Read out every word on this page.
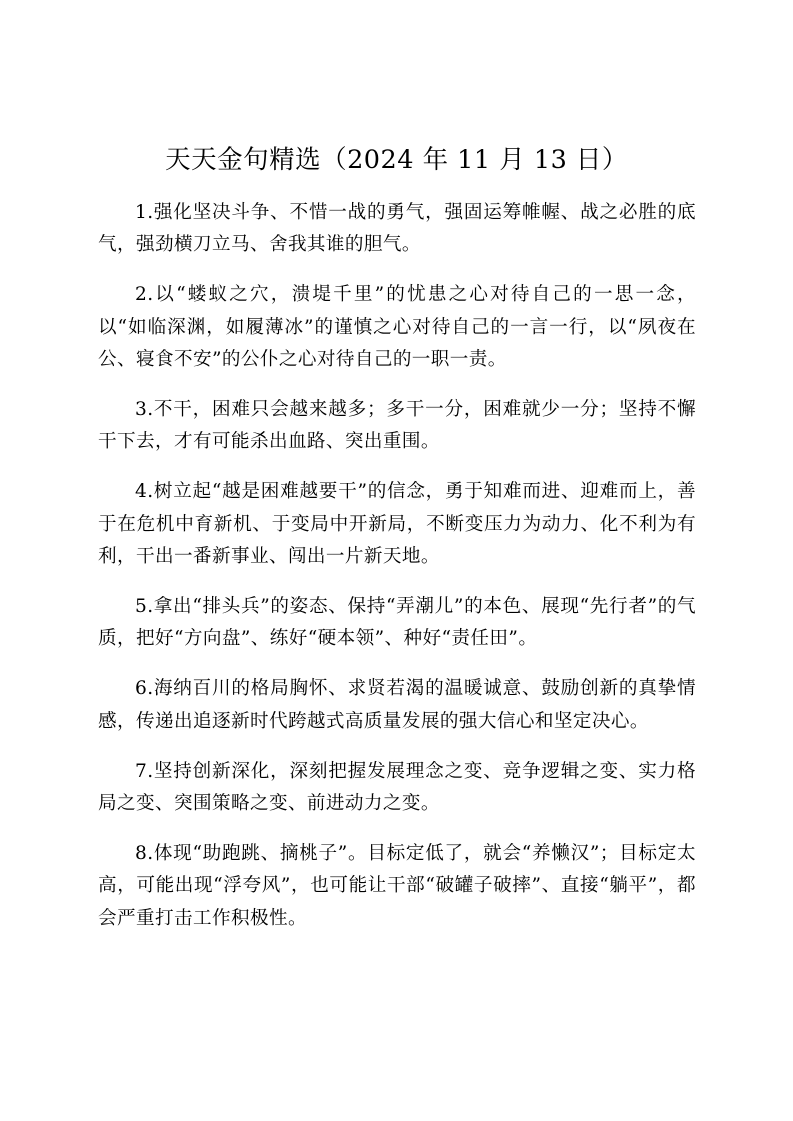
天天金句精选（2024 年 11 月 13 日）

1.强化坚决斗争、不惜一战的勇气，强固运筹帷幄、战之必胜的底气，强劲横刀立马、舍我其谁的胆气。

2.以“蝼蚁之穴，溃堤千里”的忧患之心对待自己的一思一念，以“如临深渊，如履薄冰”的谨慎之心对待自己的一言一行，以“夙夜在公、寝食不安”的公仆之心对待自己的一职一责。

3.不干，困难只会越来越多；多干一分，困难就少一分；坚持不懈干下去，才有可能杀出血路、突出重围。

4.树立起“越是困难越要干”的信念，勇于知难而进、迎难而上，善于在危机中育新机、于变局中开新局，不断变压力为动力、化不利为有利，干出一番新事业、闯出一片新天地。

5.拿出“排头兵”的姿态、保持“弄潮儿”的本色、展现“先行者”的气质，把好“方向盘”、练好“硬本领”、种好“责任田”。

6.海纳百川的格局胸怀、求贤若渴的温暖诚意、鼓励创新的真挚情感，传递出追逐新时代跨越式高质量发展的强大信心和坚定决心。

7.坚持创新深化，深刻把握发展理念之变、竞争逻辑之变、实力格局之变、突围策略之变、前进动力之变。

8.体现“助跑跳、摘桃子”。目标定低了，就会“养懒汉”；目标定太高，可能出现“浮夸风”，也可能让干部“破罐子破摔”、直接“躺平”，都会严重打击工作积极性。
